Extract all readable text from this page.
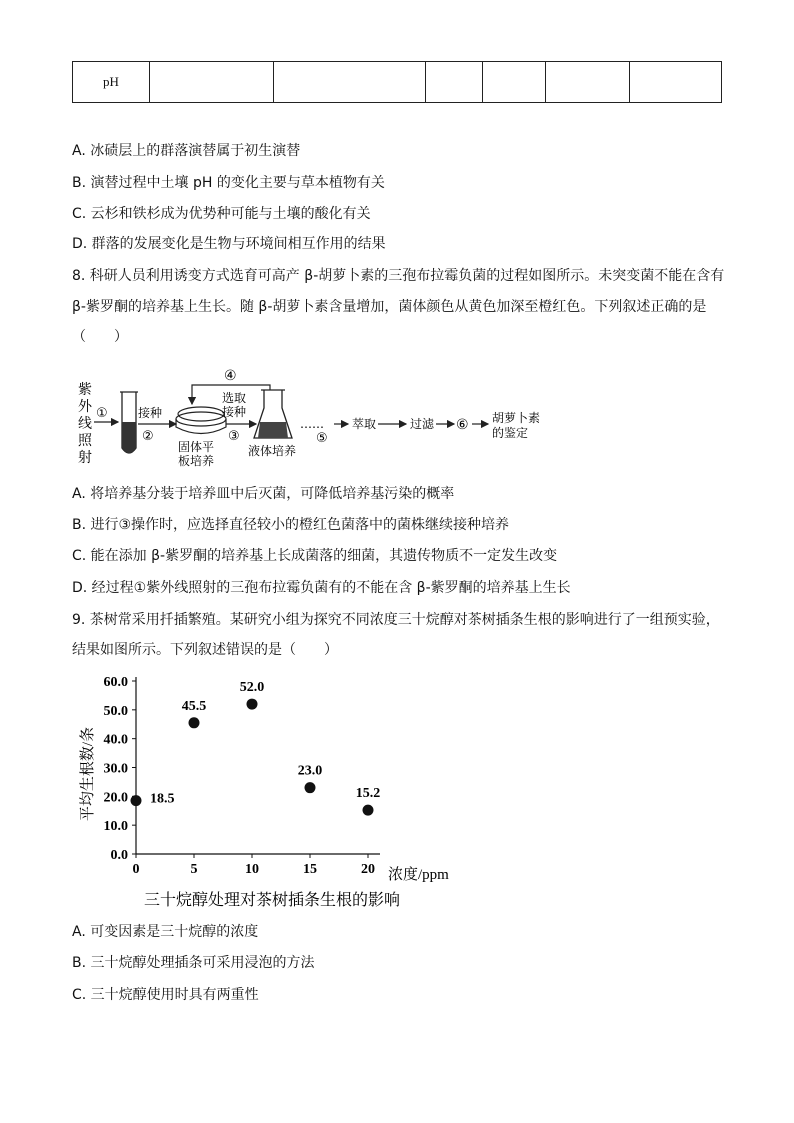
pH						
A. 冰碛层上的群落演替属于初生演替
B. 演替过程中土壤 pH 的变化主要与草本植物有关
C. 云杉和铁杉成为优势种可能与土壤的酸化有关
D. 群落的发展变化是生物与环境间相互作用的结果
8. 科研人员利用诱变方式选育可高产 β-胡萝卜素的三孢布拉霉负菌的过程如图所示。未突变菌不能在含有
β-紫罗酮的培养基上生长。随 β-胡萝卜素含量增加，菌体颜色从黄色加深至橙红色。下列叙述正确的是
（　　）
紫
外
线
照
射
①	接种
②
固体平
板培养
④
选取
接种
③
液体培养
……
⑤
萃取	过滤 ⑥ 胡萝卜素
的鉴定
A. 将培养基分装于培养皿中后灭菌，可降低培养基污染的概率
B. 进行③操作时，应选择直径较小的橙红色菌落中的菌株继续接种培养
C. 能在添加 β-紫罗酮的培养基上长成菌落的细菌，其遗传物质不一定发生改变
D. 经过程①紫外线照射的三孢布拉霉负菌有的不能在含 β-紫罗酮的培养基上生长
9. 茶树常采用扦插繁殖。某研究小组为探究不同浓度三十烷醇对茶树插条生根的影响进行了一组预实验，
结果如图所示。下列叙述错误的是（　　）
0.0
10.0
20.0
30.0
40.0
50.0
60.0
0	5	10	15	20
18.5
45.5
52.0
23.0
15.2
平均生根数/条
浓度/ppm
三十烷醇处理对茶树插条生根的影响
A. 可变因素是三十烷醇的浓度
B. 三十烷醇处理插条可采用浸泡的方法
C. 三十烷醇使用时具有两重性
